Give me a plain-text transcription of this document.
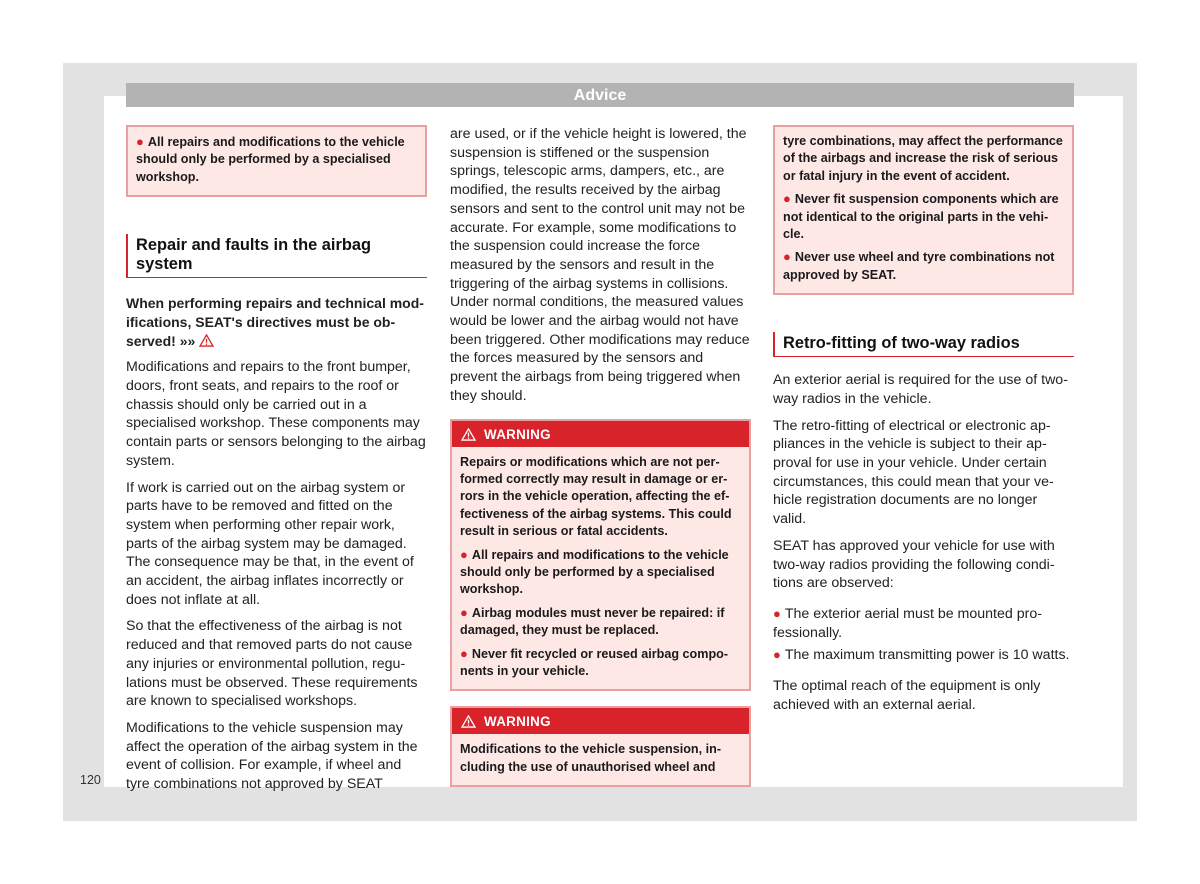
Advice
● All repairs and modifications to the vehicle should only be performed by a specialised workshop.
Repair and faults in the airbag system
When performing repairs and technical modifications, SEAT's directives must be observed! »»

Modifications and repairs to the front bumper, doors, front seats, and repairs to the roof or chassis should only be carried out in a specialised workshop. These components may contain parts or sensors belonging to the airbag system.

If work is carried out on the airbag system or parts have to be removed and fitted on the system when performing other repair work, parts of the airbag system may be damaged. The consequence may be that, in the event of an accident, the airbag inflates incorrectly or does not inflate at all.

So that the effectiveness of the airbag is not reduced and that removed parts do not cause any injuries or environmental pollution, regulations must be observed. These requirements are known to specialised workshops.

Modifications to the vehicle suspension may affect the operation of the airbag system in the event of collision. For example, if wheel and tyre combinations not approved by SEAT

are used, or if the vehicle height is lowered, the suspension is stiffened or the suspension springs, telescopic arms, dampers, etc., are modified, the results received by the airbag sensors and sent to the control unit may not be accurate. For example, some modifications to the suspension could increase the force measured by the sensors and result in the triggering of the airbag systems in collisions. Under normal conditions, the measured values would be lower and the airbag would not have been triggered. Other modifications may reduce the forces measured by the sensors and prevent the airbags from being triggered when they should.

WARNING
Repairs or modifications which are not performed correctly may result in damage or errors in the vehicle operation, affecting the effectiveness of the airbag systems. This could result in serious or fatal accidents.
● All repairs and modifications to the vehicle should only be performed by a specialised workshop.
● Airbag modules must never be repaired: if damaged, they must be replaced.
● Never fit recycled or reused airbag components in your vehicle.
WARNING
Modifications to the vehicle suspension, including the use of unauthorised wheel and
tyre combinations, may affect the performance of the airbags and increase the risk of serious or fatal injury in the event of accident.
● Never fit suspension components which are not identical to the original parts in the vehicle.
● Never use wheel and tyre combinations not approved by SEAT.
Retro-fitting of two-way radios

An exterior aerial is required for the use of two-way radios in the vehicle.

The retro-fitting of electrical or electronic appliances in the vehicle is subject to their approval for use in your vehicle. Under certain circumstances, this could mean that your vehicle registration documents are no longer valid.

SEAT has approved your vehicle for use with two-way radios providing the following conditions are observed:

● The exterior aerial must be mounted professionally.
● The maximum transmitting power is 10 watts.

The optimal reach of the equipment is only achieved with an external aerial.

120
